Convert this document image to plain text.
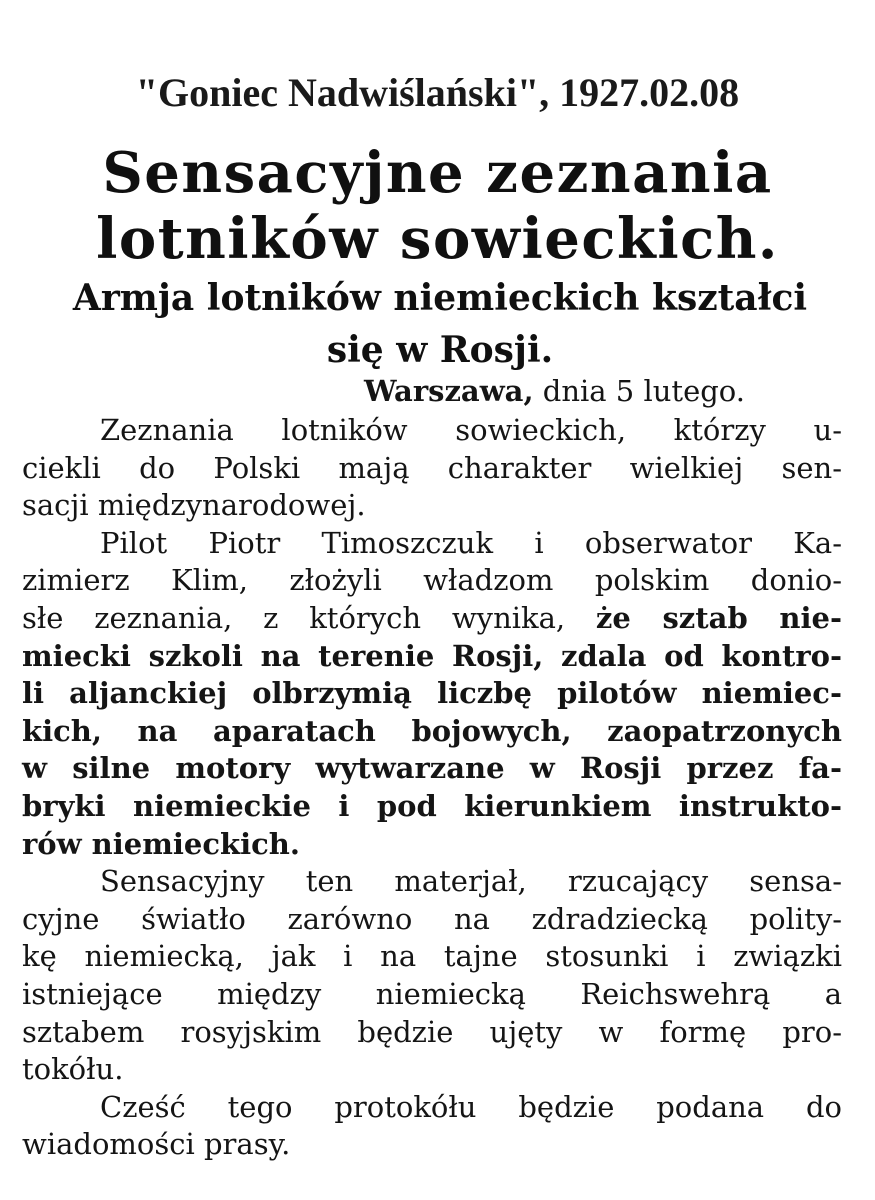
"Goniec Nadwiślański", 1927.02.08
Sensacyjne zeznania
lotników sowieckich.
Armja lotników niemieckich kształci
się w Rosji.
Warszawa, dnia 5 lutego.
Zeznania lotników sowieckich, którzy u-
ciekli do Polski mają charakter wielkiej sen-
sacji międzynarodowej.
Pilot Piotr Timoszczuk i obserwator Ka-
zimierz Klim, złożyli władzom polskim donio-
słe zeznania, z których wynika, że sztab nie-
miecki szkoli na terenie Rosji, zdala od kontro-
li aljanckiej olbrzymią liczbę pilotów niemiec-
kich, na aparatach bojowych, zaopatrzonych
w silne motory wytwarzane w Rosji przez fa-
bryki niemieckie i pod kierunkiem instrukto-
rów niemieckich.
Sensacyjny ten materjał, rzucający sensa-
cyjne światło zarówno na zdradziecką polity-
kę niemiecką, jak i na tajne stosunki i związki
istniejące między niemiecką Reichswehrą a
sztabem rosyjskim będzie ujęty w formę pro-
tokółu.
Cześć tego protokółu będzie podana do
wiadomości prasy.
